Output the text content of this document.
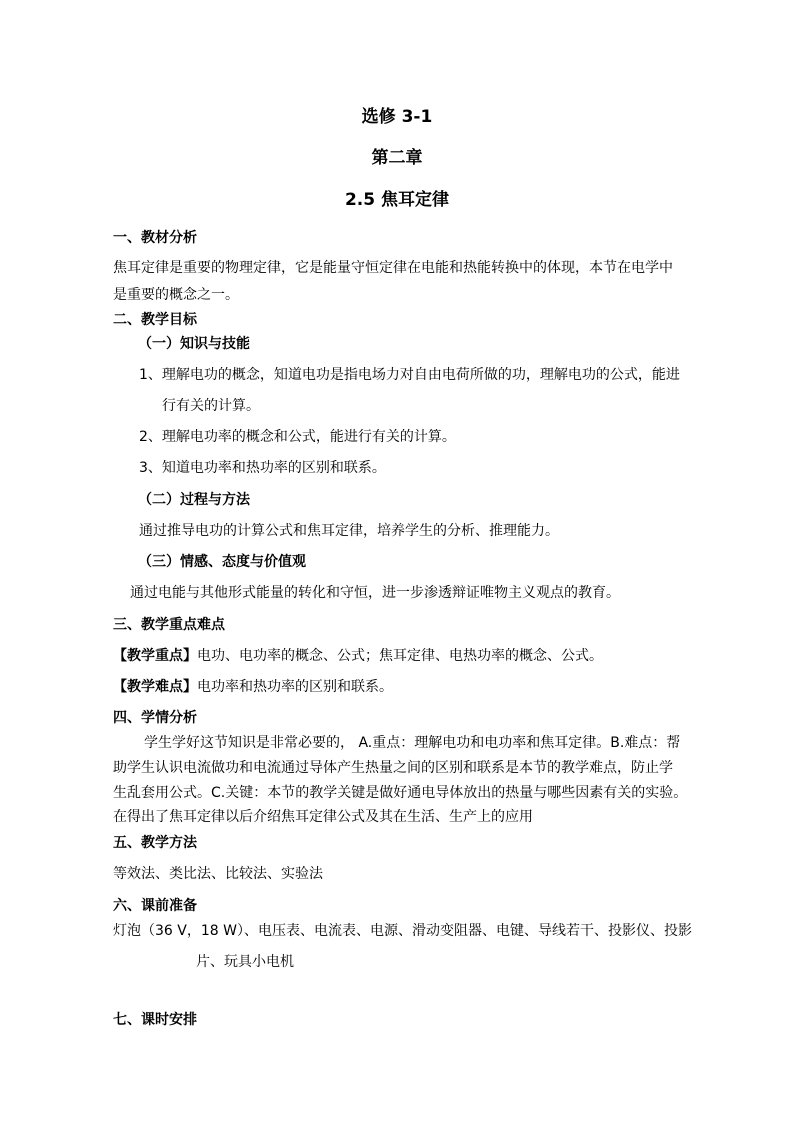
选修 3-1
第二章
2.5 焦耳定律
一、教材分析
焦耳定律是重要的物理定律，它是能量守恒定律在电能和热能转换中的体现，本节在电学中
是重要的概念之一。
二、教学目标
（一）知识与技能
1、理解电功的概念，知道电功是指电场力对自由电荷所做的功，理解电功的公式，能进
行有关的计算。
2、理解电功率的概念和公式，能进行有关的计算。
3、知道电功率和热功率的区别和联系。
（二）过程与方法
通过推导电功的计算公式和焦耳定律，培养学生的分析、推理能力。
（三）情感、态度与价值观
通过电能与其他形式能量的转化和守恒，进一步渗透辩证唯物主义观点的教育。
三、教学重点难点
【教学重点】电功、电功率的概念、公式；焦耳定律、电热功率的概念、公式。
【教学难点】电功率和热功率的区别和联系。
四、学情分析
学生学好这节知识是非常必要的， A.重点：理解电功和电功率和焦耳定律。B.难点：帮
助学生认识电流做功和电流通过导体产生热量之间的区别和联系是本节的教学难点，防止学
生乱套用公式。C.关键：本节的教学关键是做好通电导体放出的热量与哪些因素有关的实验。
在得出了焦耳定律以后介绍焦耳定律公式及其在生活、生产上的应用
五、教学方法
等效法、类比法、比较法、实验法
六、课前准备
灯泡（36 V，18 W）、电压表、电流表、电源、滑动变阻器、电键、导线若干、投影仪、投影
片、玩具小电机
七、课时安排
